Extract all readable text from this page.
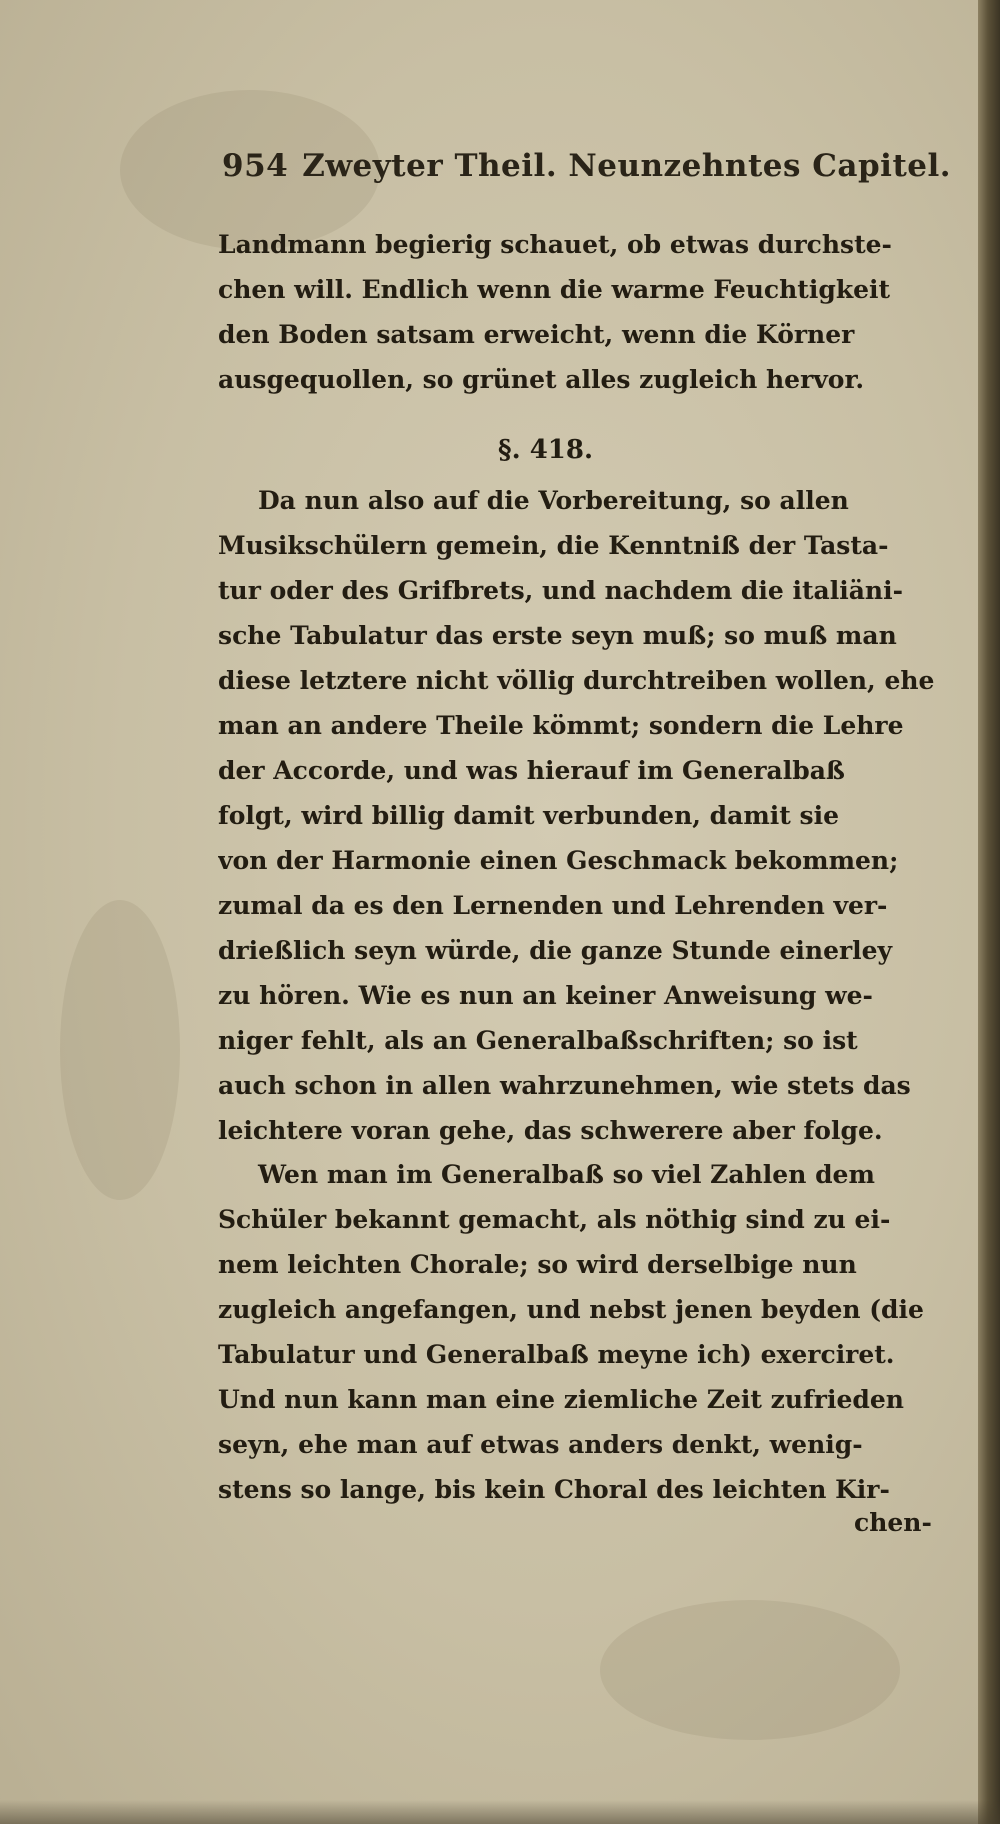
954 Zweyter Theil. Neunzehntes Capitel.
Landmann begierig schauet, ob etwas durchste-
chen will. Endlich wenn die warme Feuchtigkeit
den Boden satsam erweicht, wenn die Körner
ausgequollen, so grünet alles zugleich hervor.
§. 418.
Da nun also auf die Vorbereitung, so allen
Musikschülern gemein, die Kenntniß der Tasta-
tur oder des Grifbrets, und nachdem die italiäni-
sche Tabulatur das erste seyn muß; so muß man
diese letztere nicht völlig durchtreiben wollen, ehe
man an andere Theile kömmt; sondern die Lehre
der Accorde, und was hierauf im Generalbaß
folgt, wird billig damit verbunden, damit sie
von der Harmonie einen Geschmack bekommen;
zumal da es den Lernenden und Lehrenden ver-
drießlich seyn würde, die ganze Stunde einerley
zu hören. Wie es nun an keiner Anweisung we-
niger fehlt, als an Generalbaßschriften; so ist
auch schon in allen wahrzunehmen, wie stets das
leichtere voran gehe, das schwerere aber folge.
Wen man im Generalbaß so viel Zahlen dem
Schüler bekannt gemacht, als nöthig sind zu ei-
nem leichten Chorale; so wird derselbige nun
zugleich angefangen, und nebst jenen beyden (die
Tabulatur und Generalbaß meyne ich) exerciret.
Und nun kann man eine ziemliche Zeit zufrieden
seyn, ehe man auf etwas anders denkt, wenig-
stens so lange, bis kein Choral des leichten Kir-
chen-
